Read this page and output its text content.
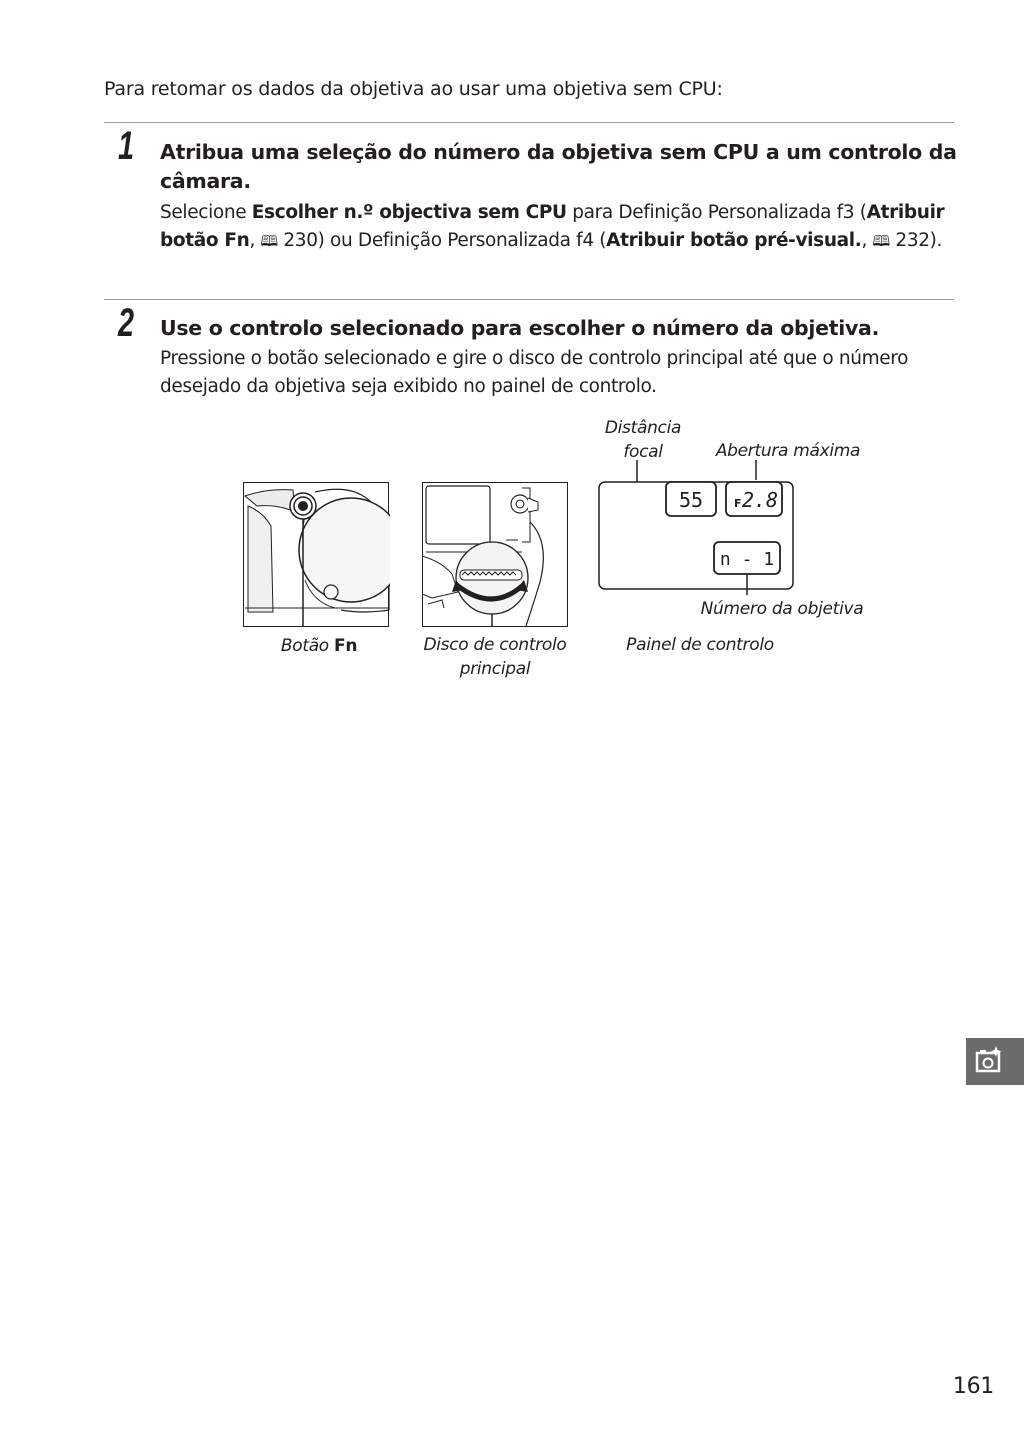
Para retomar os dados da objetiva ao usar uma objetiva sem CPU:
1 Atribua uma seleção do número da objetiva sem CPU a um controlo da câmara.
Selecione Escolher n.º objectiva sem CPU para Definição Personalizada f3 (Atribuir botão Fn, 🕮 230) ou Definição Personalizada f4 (Atribuir botão pré-visual., 🕮 232).
2 Use o controlo selecionado para escolher o número da objetiva.
Pressione o botão selecionado e gire o disco de controlo principal até que o número desejado da objetiva seja exibido no painel de controlo.
Botão Fn	Disco de controlo
principal
Distância
focal	Abertura máxima
55	F 2.8
n - 1
Número da objetiva
Painel de controlo
161
